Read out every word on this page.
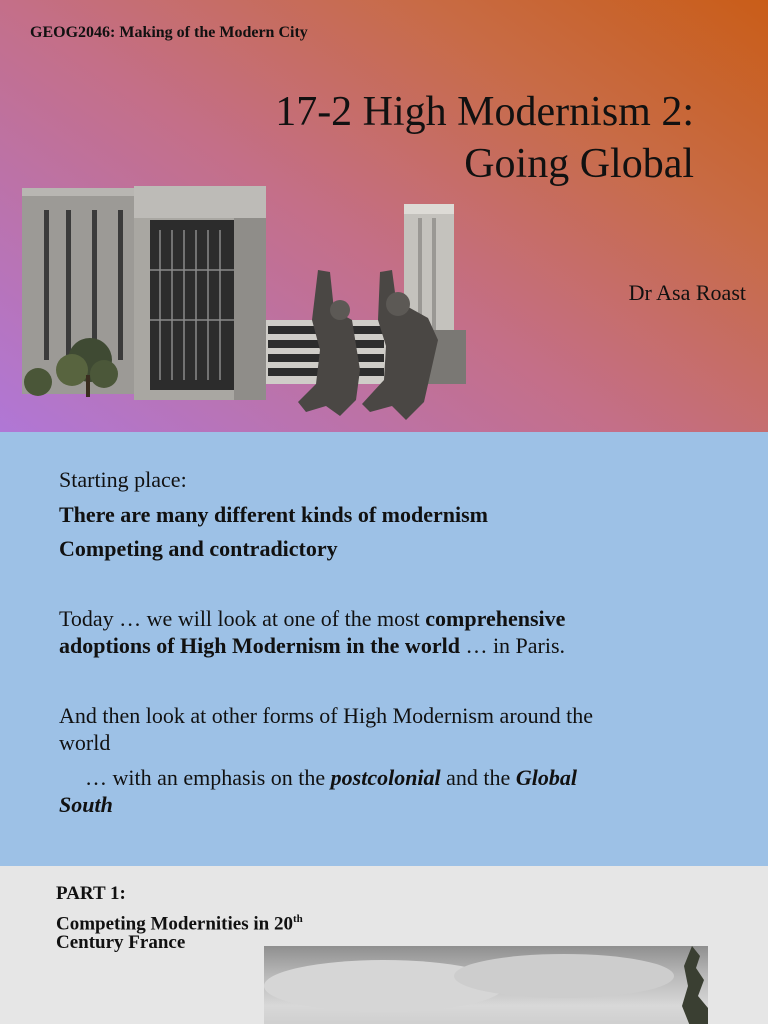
GEOG2046: Making of the Modern City
17-2 High Modernism 2:
Going Global
Dr Asa Roast
Starting place:
There are many different kinds of modernism
Competing and contradictory
Today … we will look at one of the most comprehensive
adoptions of High Modernism in the world … in Paris.
And then look at other forms of High Modernism around the
world
… with an emphasis on the postcolonial and the Global
South
PART 1:
Competing Modernities in 20th
Century France
